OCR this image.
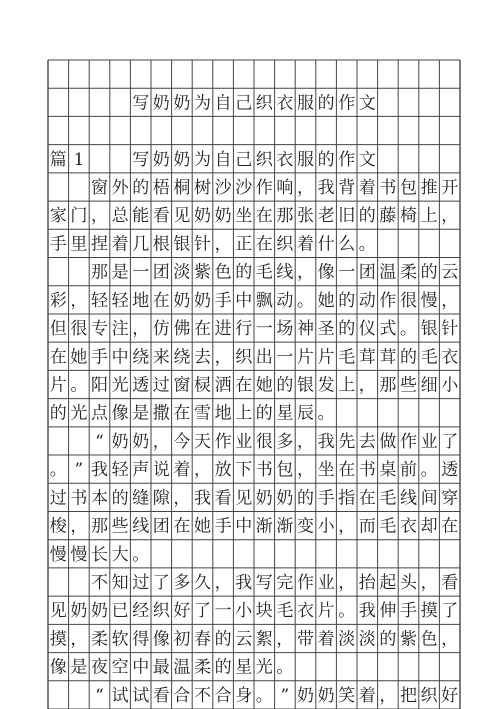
写 奶 奶 为 自 己 织 衣 服 的 作 文
篇 1	写 奶 奶 为 自 己 织 衣 服 的 作 文
窗 外 的 梧 桐 树 沙 沙 作 响 ， 我 背 着 书 包 推 开
家 门 ， 总 能 看 见 奶 奶 坐 在 那 张 老 旧 的 藤 椅 上 ，
手 里 捏 着 几 根 银 针 ， 正 在 织 着 什 么 。
那 是 一 团 淡 紫 色 的 毛 线 ， 像 一 团 温 柔 的 云
彩 ， 轻 轻 地 在 奶 奶 手 中 飘 动 。 她 的 动 作 很 慢 ，
但 很 专 注 ， 仿 佛 在 进 行 一 场 神 圣 的 仪 式 。 银 针
在 她 手 中 绕 来 绕 去 ， 织 出 一 片 片 毛 茸 茸 的 毛 衣
片 。 阳 光 透 过 窗 棂 洒 在 她 的 银 发 上 ， 那 些 细 小
的 光 点 像 是 撒 在 雪 地 上 的 星 辰 。
“ 奶 奶 ， 今 天 作 业 很 多 ， 我 先 去 做 作 业 了
。 ” 我 轻 声 说 着 ， 放 下 书 包 ， 坐 在 书 桌 前 。 透
过 书 本 的 缝 隙 ， 我 看 见 奶 奶 的 手 指 在 毛 线 间 穿
梭 ， 那 些 线 团 在 她 手 中 渐 渐 变 小 ， 而 毛 衣 却 在
慢 慢 长 大 。
不 知 过 了 多 久 ， 我 写 完 作 业 ， 抬 起 头 ， 看
见 奶 奶 已 经 织 好 了 一 小 块 毛 衣 片 。 我 伸 手 摸 了
摸 ， 柔 软 得 像 初 春 的 云 絮 ， 带 着 淡 淡 的 紫 色 ，
像 是 夜 空 中 最 温 柔 的 星 光 。
“ 试 试 看 合 不 合 身 。 ” 奶 奶 笑 着 ， 把 织 好
